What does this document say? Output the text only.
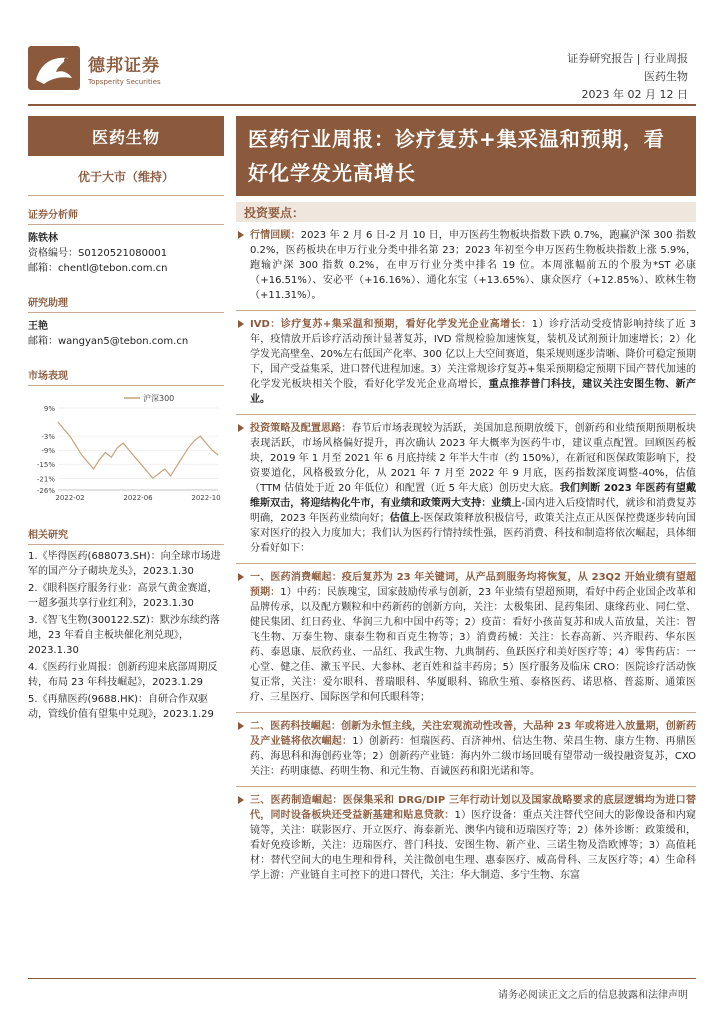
德邦证券
Topsperity Securities
证券研究报告 | 行业周报
医药生物
2023 年 02 月 12 日
医药生物
优于大市（维持）
证券分析师
陈铁林
资格编号：S0120521080001
邮箱：chentl@tebon.com.cn
研究助理
王艳
邮箱：wangyan5@tebon.com.cn
市场表现
9%
-3%
-9%
-15%
-21%
-26%
2022-02	2022-06	2022-10
沪深300
相关研究
1.《毕得医药(688073.SH)：向全球市场进军的国产分子砌块龙头》，2023.1.30
2.《眼科医疗服务行业：高景气黄金赛道，一超多强共享行业红利》，2023.1.30
3.《智飞生物(300122.SZ)：默沙东续约落地，23 年看自主板块催化剂兑现》，2023.1.30
4.《医药行业周报：创新药迎来底部周期反转，布局 23 年科技崛起》，2023.1.29
5.《再鼎医药(9688.HK)：自研合作双驱动，管线价值有望集中兑现》，2023.1.29
医药行业周报：诊疗复苏+集采温和预期，看好化学发光高增长
投资要点：
行情回顾：2023 年 2 月 6 日-2 月 10 日，申万医药生物板块指数下跌 0.7%，跑赢沪深 300 指数 0.2%，医药板块在申万行业分类中排名第 23；2023 年初至今申万医药生物板块指数上涨 5.9%，跑输沪深 300 指数 0.2%，在申万行业分类中排名 19 位。本周涨幅前五的个股为*ST 必康（+16.51%）、安必平（+16.16%）、通化东宝（+13.65%）、康众医疗（+12.85%）、欧林生物（+11.31%）。
IVD：诊疗复苏+集采温和预期，看好化学发光企业高增长：1）诊疗活动受疫情影响持续了近 3 年，疫情放开后诊疗活动预计显著复苏，IVD 常规检验加速恢复，装机及试剂预计加速增长；2）化学发光高壁垒、20%左右低国产化率、300 亿以上大空间赛道，集采规则逐步清晰、降价可稳定预期下，国产受益集采，进口替代进程加速。3）关注常规诊疗复苏+集采预期稳定预期下国产替代加速的化学发光板块相关个股，看好化学发光企业高增长，重点推荐普门科技，建议关注安图生物、新产业。
投资策略及配置思路：春节后市场表现较为活跃，美国加息预期放缓下，创新药和业绩预期预期板块表现活跃，市场风格偏好提升，再次确认 2023 年大概率为医药牛市，建议重点配置。回顾医药板块，2019 年 1 月至 2021 年 6 月底持续 2 年半大牛市（约 150%），在新冠和医保政策影响下，投资要道化，风格极致分化，从 2021 年 7 月至 2022 年 9 月底，医药指数深度调整-40%，估值（TTM 估值处于近 20 年低位）和配置（近 5 年大底）创历史大底。我们判断 2023 年医药有望戴维斯双击，将迎结构化牛市，有业绩和政策两大支持：业绩上-国内进入后疫情时代，就诊和消费复苏明确，2023 年医药业绩向好；估值上-医保政策释放积极信号，政策关注点正从医保控费逐步转向国家对医疗的投入力度加大；我们认为医药行情持续性强，医药消费、科技和制造将依次崛起，具体细分看好如下：
一、医药消费崛起：疫后复苏为 23 年关键词，从产品到服务均将恢复，从 23Q2 开始业绩有望超预期：1）中药：民族瑰宝，国家鼓励传承与创新，23 年业绩有望超预期，看好中药企业国企改革和品牌传承，以及配方颗粒和中药新药的创新方向，关注：太极集团、昆药集团、康缘药业、同仁堂、健民集团、红日药业、华润三九和中国中药等；2）疫苗：看好小孩苗复苏和成人苗放量，关注：智飞生物、万泰生物、康泰生物和百克生物等；3）消费药械：关注：长春高新、兴齐眼药、华东医药、泰恩康、辰欣药业、一品红、我武生物、九典制药、鱼跃医疗和美好医疗等；4）零售药店：一心堂、健之佳、漱玉平民、大参林、老百姓和益丰药房；5）医疗服务及临床 CRO：医院诊疗活动恢复正常，关注：爱尔眼科、普瑞眼科、华厦眼科、锦欣生殖、泰格医药、诺思格、普蕊斯、通策医疗、三星医疗、国际医学和何氏眼科等；
二、医药科技崛起：创新为永恒主线，关注宏观流动性改善，大品种 23 年或将进入放量期，创新药及产业链将依次崛起：1）创新药：恒瑞医药、百济神州、信达生物、荣昌生物、康方生物、再鼎医药、海思科和海创药业等；2）创新药产业链：海内外二级市场回暖有望带动一级投融资复苏，CXO 关注：药明康德、药明生物、和元生物、百诚医药和阳光诺和等。
三、医药制造崛起：医保集采和 DRG/DIP 三年行动计划以及国家战略要求的底层逻辑均为进口替代，同时设备板块还受益新基建和贴息贷款：1）医疗设备：重点关注替代空间大的影像设备和内窥镜等，关注：联影医疗、开立医疗、海泰新光、澳华内镜和迈瑞医疗等；2）体外诊断：政策缓和，看好免疫诊断，关注：迈瑞医疗、普门科技、安图生物、新产业、三诺生物及浩欧博等；3）高值耗材：替代空间大的电生理和骨科，关注微创电生理、惠泰医疗、威高骨科、三友医疗等；4）生命科学上游：产业链自主可控下的进口替代，关注：华大制造、多宁生物、东富
请务必阅读正文之后的信息披露和法律声明
